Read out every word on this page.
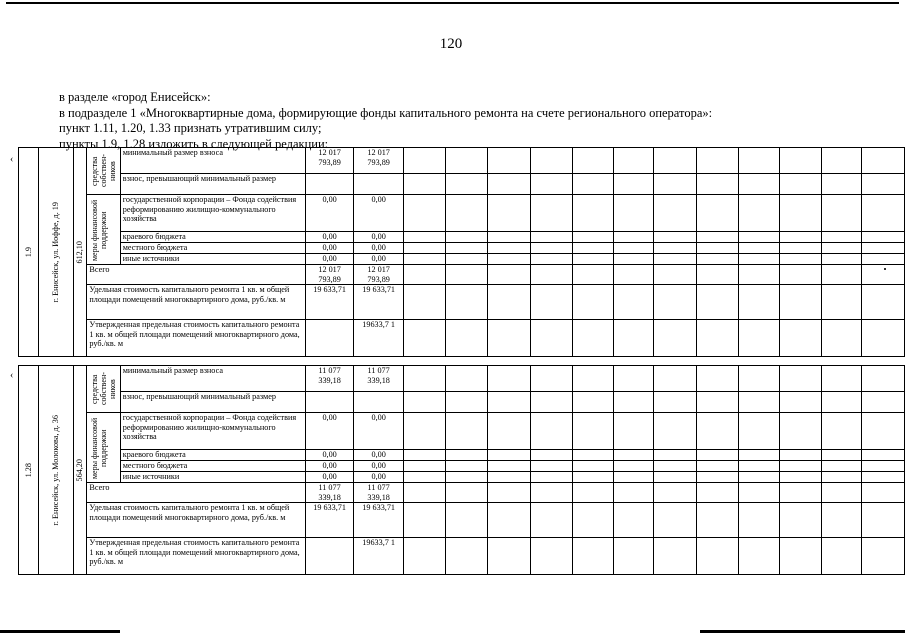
120
в разделе «город Енисейск»:
в подразделе 1 «Многоквартирные дома, формирующие фонды капитального ремонта на счете регионального оператора»:
пункт 1.11, 1.20, 1.33 признать утратившим силу;
пункты 1.9, 1.28 изложить в следующей редакции:
‹
1.9	г. Енисейск, ул. Иоффе, д. 19	612,10	средства собствен-ников	минимальный размер взноса	12 017 793,89	12 017 793,89												
				взнос, превышающий минимальный размер														

			меры финансовой поддержки	государственной корпорации – Фонда содействия реформированию жилищно-коммунального хозяйства	0,00	0,00												
				краевого бюджета	0,00	0,00												
				местного бюджета	0,00	0,00												
				иные источники	0,00	0,00												
			Всего		12 017 793,89	12 017 793,89												
			Удельная стоимость капитального ремонта 1 кв. м общей площади помещений многоквартирного дома, руб./кв. м		19 633,71	19 633,71												
			Утвержденная предельная стоимость капитального ремонта 1 кв. м общей площади помещений многоквартирного дома, руб./кв. м			19633,7 1												
‹
1.28	г. Енисейск, ул. Молокова, д. 36	564,20	средства собствен-ников	минимальный размер взноса	11 077 339,18	11 077 339,18												
				взнос, превышающий минимальный размер														

			меры финансовой поддержки	государственной корпорации – Фонда содействия реформированию жилищно-коммунального хозяйства	0,00	0,00												
				краевого бюджета	0,00	0,00												
				местного бюджета	0,00	0,00												
				иные источники	0,00	0,00												
			Всего		11 077 339,18	11 077 339,18												
			Удельная стоимость капитального ремонта 1 кв. м общей площади помещений многоквартирного дома, руб./кв. м		19 633,71	19 633,71												
			Утвержденная предельная стоимость капитального ремонта 1 кв. м общей площади помещений многоквартирного дома, руб./кв. м			19633,7 1												
